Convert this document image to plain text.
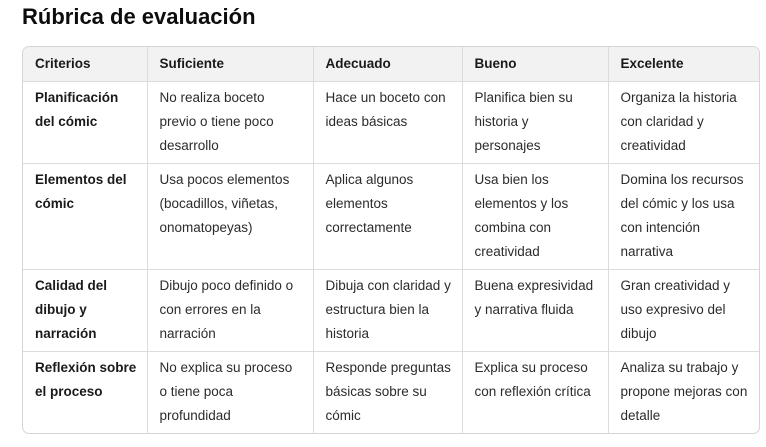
Rúbrica de evaluación
Criterios	Suficiente	Adecuado	Bueno	Excelente
Planificación del cómic	No realiza boceto previo o tiene poco desarrollo	Hace un boceto con ideas básicas	Planifica bien su historia y personajes	Organiza la historia con claridad y creatividad
Elementos del cómic	Usa pocos elementos (bocadillos, viñetas, onomatopeyas)	Aplica algunos elementos correctamente	Usa bien los elementos y los combina con creatividad	Domina los recursos del cómic y los usa con intención narrativa
Calidad del dibujo y narración	Dibujo poco definido o con errores en la narración	Dibuja con claridad y estructura bien la historia	Buena expresividad y narrativa fluida	Gran creatividad y uso expresivo del dibujo
Reflexión sobre el proceso	No explica su proceso o tiene poca profundidad	Responde preguntas básicas sobre su cómic	Explica su proceso con reflexión crítica	Analiza su trabajo y propone mejoras con detalle
